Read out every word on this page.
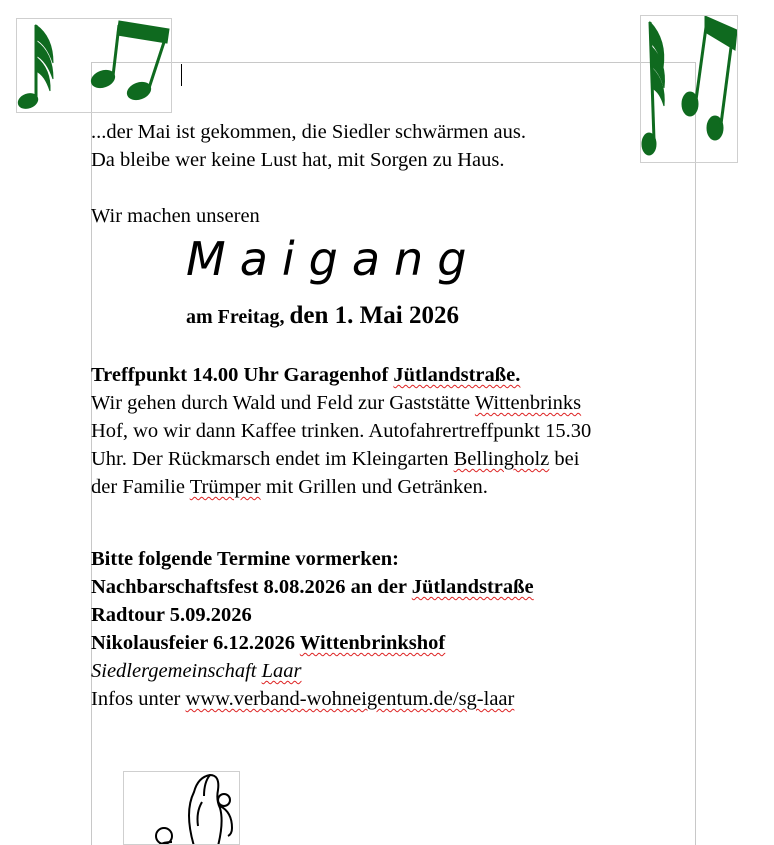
...der Mai ist gekommen, die Siedler schwärmen aus.
Da bleibe wer keine Lust hat, mit Sorgen zu Haus.
Wir machen unseren
Maigang
am Freitag, den 1. Mai 2026
Treffpunkt 14.00 Uhr Garagenhof Jütlandstraße.
Wir gehen durch Wald und Feld zur Gaststätte Wittenbrinks
Hof, wo wir dann Kaffee trinken. Autofahrertreffpunkt 15.30
Uhr. Der Rückmarsch endet im Kleingarten Bellingholz bei
der Familie Trümper mit Grillen und Getränken.
Bitte folgende Termine vormerken:
Nachbarschaftsfest 8.08.2026 an der Jütlandstraße
Radtour 5.09.2026
Nikolausfeier 6.12.2026 Wittenbrinkshof
Siedlergemeinschaft Laar
Infos unter www.verband-wohneigentum.de/sg-laar
